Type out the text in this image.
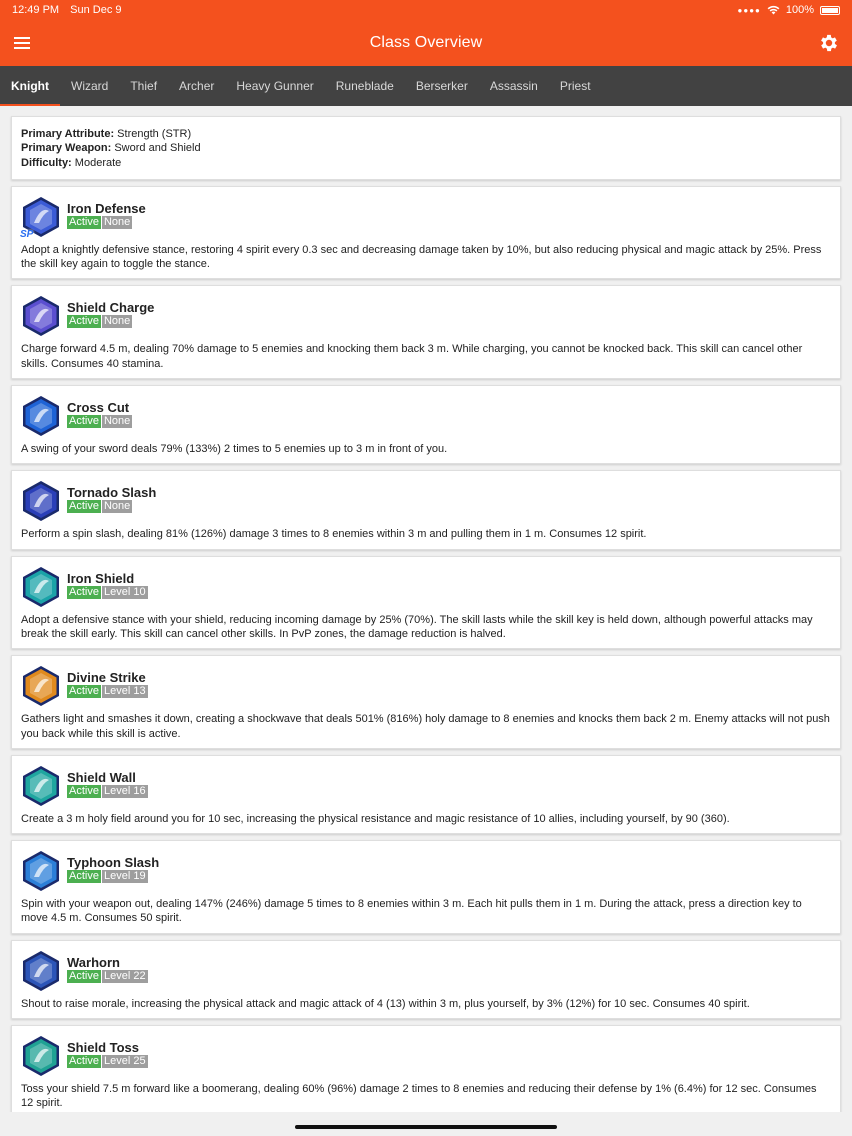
12:49 PM Sun Dec 9	●●●● 100%
Class Overview
Knight	Wizard	Thief	Archer	Heavy Gunner	Runeblade	Berserker	Assassin	Priest
Primary Attribute: Strength (STR)
Primary Weapon: Sword and Shield
Difficulty: Moderate
SP
Iron Defense
Active None
Adopt a knightly defensive stance, restoring 4 spirit every 0.3 sec and decreasing damage taken by 10%, but also reducing physical and magic attack by 25%. Press the skill key again to toggle the stance.
Shield Charge
Active None
Charge forward 4.5 m, dealing 70% damage to 5 enemies and knocking them back 3 m. While charging, you cannot be knocked back. This skill can cancel other skills. Consumes 40 stamina.
Cross Cut
Active None
A swing of your sword deals 79% (133%) 2 times to 5 enemies up to 3 m in front of you.
Tornado Slash
Active None
Perform a spin slash, dealing 81% (126%) damage 3 times to 8 enemies within 3 m and pulling them in 1 m. Consumes 12 spirit.
Iron Shield
Active Level 10
Adopt a defensive stance with your shield, reducing incoming damage by 25% (70%). The skill lasts while the skill key is held down, although powerful attacks may break the skill early. This skill can cancel other skills. In PvP zones, the damage reduction is halved.
Divine Strike
Active Level 13
Gathers light and smashes it down, creating a shockwave that deals 501% (816%) holy damage to 8 enemies and knocks them back 2 m. Enemy attacks will not push you back while this skill is active.
Shield Wall
Active Level 16
Create a 3 m holy field around you for 10 sec, increasing the physical resistance and magic resistance of 10 allies, including yourself, by 90 (360).
Typhoon Slash
Active Level 19
Spin with your weapon out, dealing 147% (246%) damage 5 times to 8 enemies within 3 m. Each hit pulls them in 1 m. During the attack, press a direction key to move 4.5 m. Consumes 50 spirit.
Warhorn
Active Level 22
Shout to raise morale, increasing the physical attack and magic attack of 4 (13) within 3 m, plus yourself, by 3% (12%) for 10 sec. Consumes 40 spirit.
Shield Toss
Active Level 25
Toss your shield 7.5 m forward like a boomerang, dealing 60% (96%) damage 2 times to 8 enemies and reducing their defense by 1% (6.4%) for 12 sec. Consumes 12 spirit.
